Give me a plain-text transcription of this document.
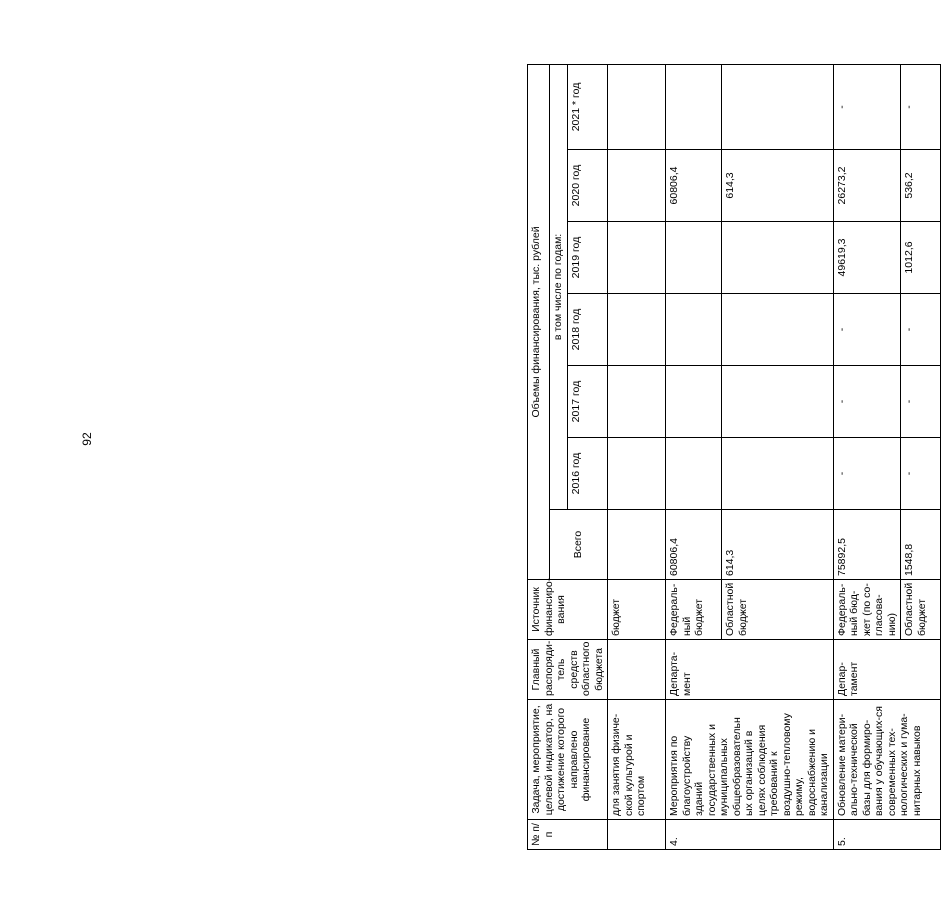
92
№ п/п	Задача, мероприятие, целевой индикатор, на достижение которого направлено финансирование	Главный распоряди-тель средств областного бюджета	Источник финансиро-вания	Объемы финансирования, тыс. рублей						
				Всего	в том числе по годам:					
					2016 год	2017 год	2018 год	2019 год	2020 год	2021 * год
	для занятия физиче-ской культурой и спортом		бюджет							
4.	Мероприятия по благоустройству зданий государственных и муниципальных общеобразовательн ых организаций в целях соблюдения требований к воздушно-тепловому режиму, водоснабжению и канализации	Департа-мент	Федераль-ный бюджет	60806,4					60806,4	
			Областной бюджет	614,3					614,3	
5.	Обновление матери-ально-технической базы для формиро-вания у обучающих-ся современных тех-нологических и гума-нитарных навыков	Депар-тамент	Федераль-ный бюд-жет (по со-гласова-нию)	75892,5	-	-	-	49619,3	26273,2	-
			Областной бюджет	1548,8	-	-	-	1012,6	536,2	-
